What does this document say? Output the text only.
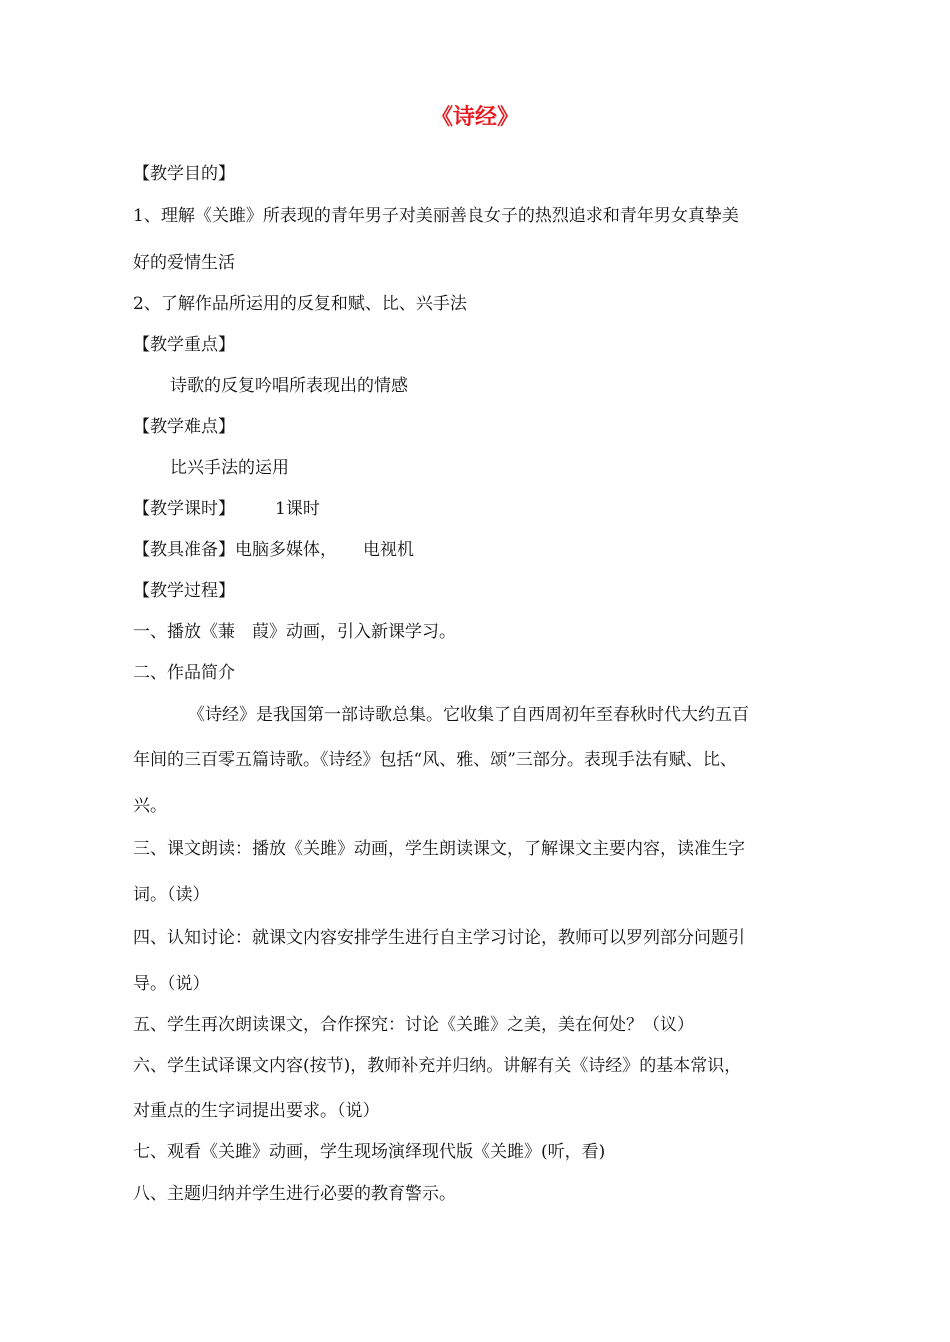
《诗经》
【教学目的】
1、理解《关雎》所表现的青年男子对美丽善良女子的热烈追求和青年男女真挚美
好的爱情生活
2、了解作品所运用的反复和赋、比、兴手法
【教学重点】
诗歌的反复吟唱所表现出的情感
【教学难点】
比兴手法的运用
【教学课时】 1课时
【教具准备】电脑多媒体， 电视机
【教学过程】
一、播放《蒹　葭》动画，引入新课学习。
二、作品简介
《诗经》是我国第一部诗歌总集。它收集了自西周初年至春秋时代大约五百
年间的三百零五篇诗歌。《诗经》包括“风、雅、颂”三部分。表现手法有赋、比、
兴。
三、课文朗读：播放《关雎》动画，学生朗读课文，了解课文主要内容，读准生字
词。（读）
四、认知讨论：就课文内容安排学生进行自主学习讨论，教师可以罗列部分问题引
导。（说）
五、学生再次朗读课文，合作探究：讨论《关雎》之美，美在何处？（议）
六、学生试译课文内容(按节)，教师补充并归纳。讲解有关《诗经》的基本常识，
对重点的生字词提出要求。（说）
七、观看《关雎》动画，学生现场演绎现代版《关雎》(听，看)
八、主题归纳并学生进行必要的教育警示。
